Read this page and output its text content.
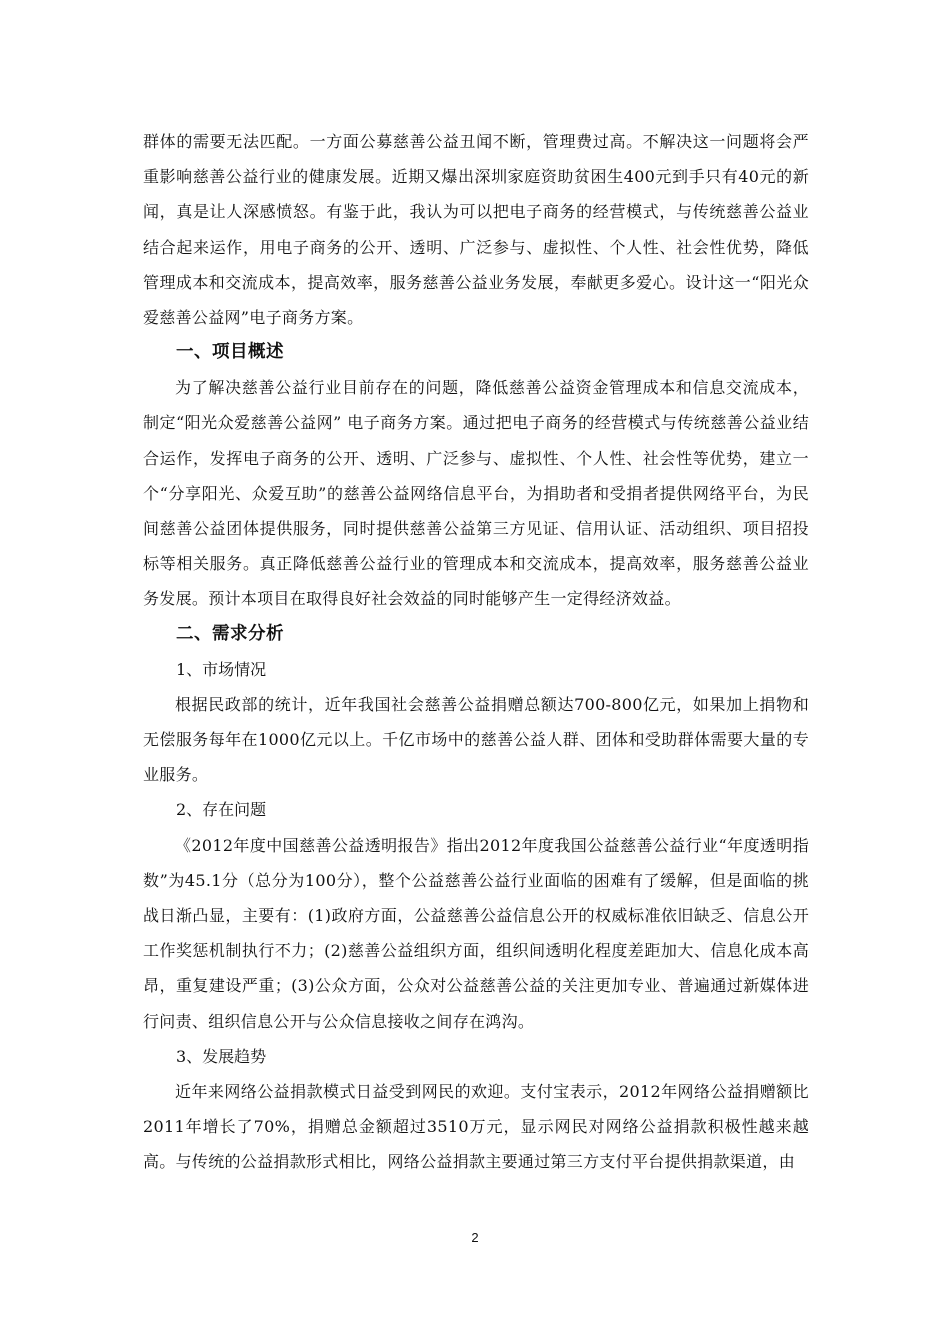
群体的需要无法匹配。一方面公募慈善公益丑闻不断，管理费过高。不解决这一问题将会严重影响慈善公益行业的健康发展。近期又爆出深圳家庭资助贫困生400元到手只有40元的新闻，真是让人深感愤怒。有鉴于此，我认为可以把电子商务的经营模式，与传统慈善公益业结合起来运作，用电子商务的公开、透明、广泛参与、虚拟性、个人性、社会性优势，降低管理成本和交流成本，提高效率，服务慈善公益业务发展，奉献更多爱心。设计这一“阳光众爱慈善公益网”电子商务方案。

一、项目概述

为了解决慈善公益行业目前存在的问题，降低慈善公益资金管理成本和信息交流成本，制定“阳光众爱慈善公益网” 电子商务方案。通过把电子商务的经营模式与传统慈善公益业结合运作，发挥电子商务的公开、透明、广泛参与、虚拟性、个人性、社会性等优势，建立一个“分享阳光、众爱互助”的慈善公益网络信息平台，为捐助者和受捐者提供网络平台，为民间慈善公益团体提供服务，同时提供慈善公益第三方见证、信用认证、活动组织、项目招投标等相关服务。真正降低慈善公益行业的管理成本和交流成本，提高效率，服务慈善公益业务发展。预计本项目在取得良好社会效益的同时能够产生一定得经济效益。

二、需求分析

1、市场情况

根据民政部的统计，近年我国社会慈善公益捐赠总额达700-800亿元，如果加上捐物和无偿服务每年在1000亿元以上。千亿市场中的慈善公益人群、团体和受助群体需要大量的专业服务。

2、存在问题

《2012年度中国慈善公益透明报告》指出2012年度我国公益慈善公益行业“年度透明指数”为45.1分（总分为100分），整个公益慈善公益行业面临的困难有了缓解，但是面临的挑战日渐凸显，主要有：(1)政府方面，公益慈善公益信息公开的权威标准依旧缺乏、信息公开工作奖惩机制执行不力；(2)慈善公益组织方面，组织间透明化程度差距加大、信息化成本高昂，重复建设严重；(3)公众方面，公众对公益慈善公益的关注更加专业、普遍通过新媒体进行问责、组织信息公开与公众信息接收之间存在鸿沟。

3、发展趋势

近年来网络公益捐款模式日益受到网民的欢迎。支付宝表示，2012年网络公益捐赠额比2011年增长了70%，捐赠总金额超过3510万元，显示网民对网络公益捐款积极性越来越高。与传统的公益捐款形式相比，网络公益捐款主要通过第三方支付平台提供捐款渠道，由

2
